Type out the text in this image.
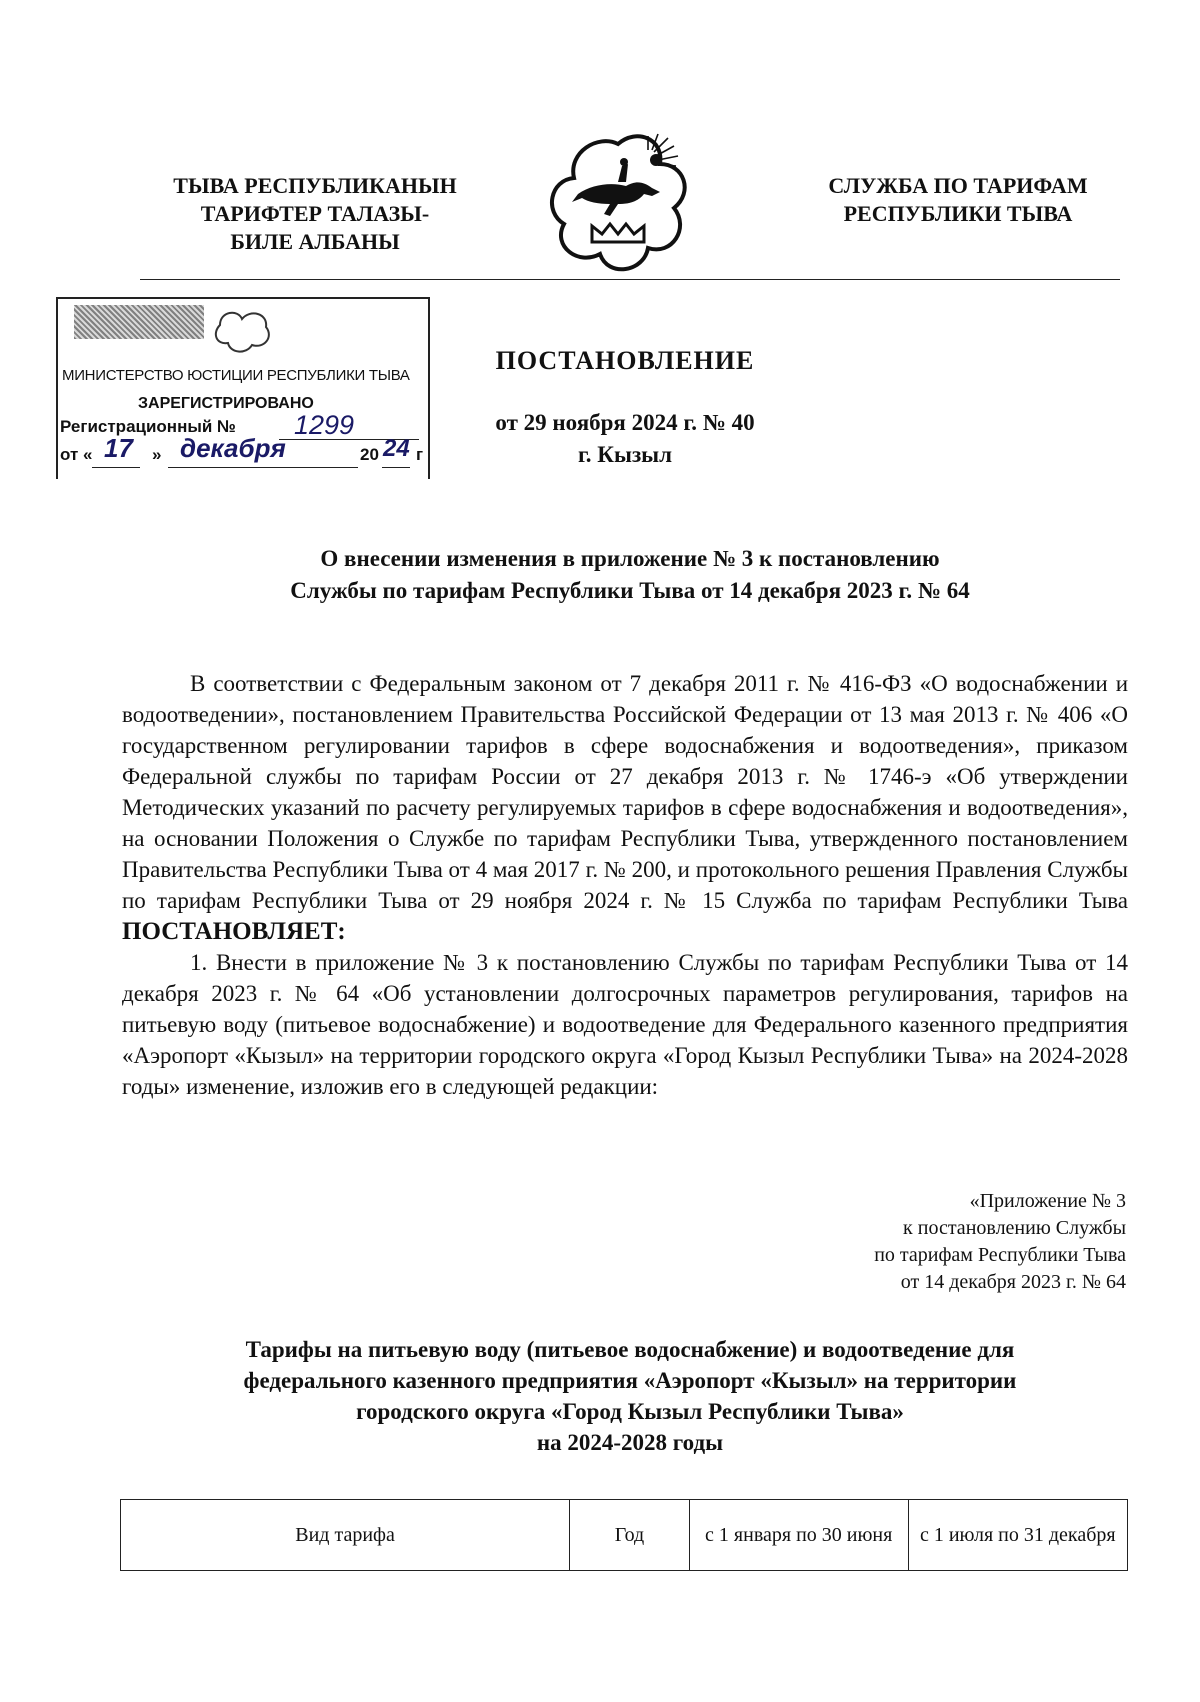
ТЫВА РЕСПУБЛИКАНЫН
ТАРИФТЕР ТАЛАЗЫ-
БИЛЕ АЛБАНЫ
СЛУЖБА ПО ТАРИФАМ
РЕСПУБЛИКИ ТЫВА
МИНИСТЕРСТВО ЮСТИЦИИ РЕСПУБЛИКИ ТЫВА
ЗАРЕГИСТРИРОВАНО
Регистрационный № 1299
от « 17 » декабря	20 24 г
ПОСТАНОВЛЕНИЕ
от 29 ноября 2024 г. № 40
г. Кызыл
О внесении изменения в приложение № 3 к постановлению
Службы по тарифам Республики Тыва от 14 декабря 2023 г. № 64

В соответствии с Федеральным законом от 7 декабря 2011 г. № 416-ФЗ «О водоснабжении и водоотведении», постановлением Правительства Российской Федерации от 13 мая 2013 г. № 406 «О государственном регулировании тарифов в сфере водоснабжения и водоотведения», приказом Федеральной службы по тарифам России от 27 декабря 2013 г. № 1746-э «Об утверждении Методических указаний по расчету регулируемых тарифов в сфере водоснабжения и водоотведения», на основании Положения о Службе по тарифам Республики Тыва, утвержденного постановлением Правительства Республики Тыва от 4 мая 2017 г. № 200, и протокольного решения Правления Службы по тарифам Республики Тыва от 29 ноября 2024 г. № 15 Служба по тарифам Республики Тыва ПОСТАНОВЛЯЕТ:

1. Внести в приложение № 3 к постановлению Службы по тарифам Республики Тыва от 14 декабря 2023 г. № 64 «Об установлении долгосрочных параметров регулирования, тарифов на питьевую воду (питьевое водоснабжение) и водоотведение для Федерального казенного предприятия «Аэропорт «Кызыл» на территории городского округа «Город Кызыл Республики Тыва» на 2024-2028 годы» изменение, изложив его в следующей редакции:

«Приложение № 3
к постановлению Службы
по тарифам Республики Тыва
от 14 декабря 2023 г. № 64
Тарифы на питьевую воду (питьевое водоснабжение) и водоотведение для
федерального казенного предприятия «Аэропорт «Кызыл» на территории
городского округа «Город Кызыл Республики Тыва»
на 2024-2028 годы
Вид тарифа	Год	с 1 января по 30 июня	с 1 июля по 31 декабря
